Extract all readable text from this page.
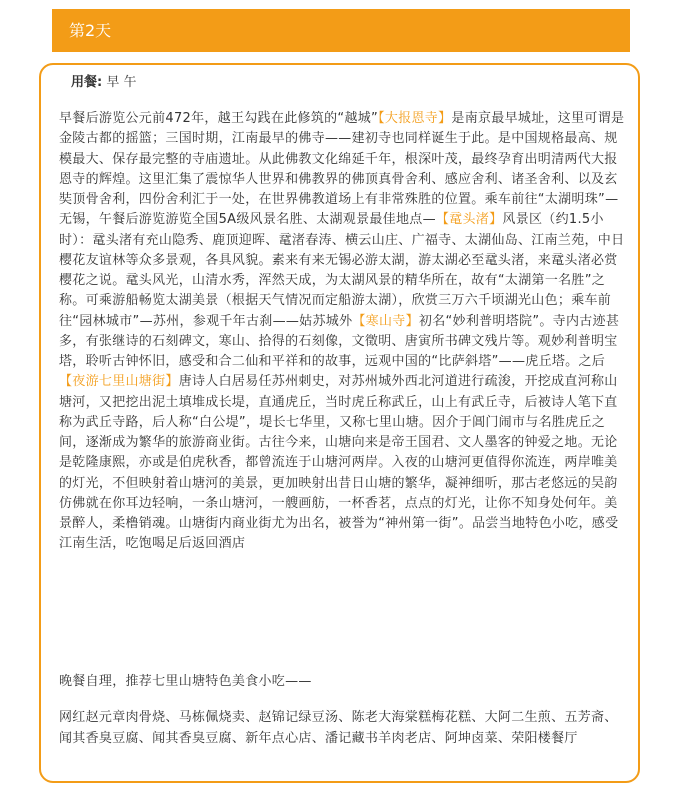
第2天
用餐: 早 午

早餐后游览公元前472年，越王勾践在此修筑的“越城”【大报恩寺】是南京最早城址，这里可谓是金陵古都的摇篮；三国时期，江南最早的佛寺——建初寺也同样诞生于此。是中国规格最高、规模最大、保存最完整的寺庙遗址。从此佛教文化绵延千年，根深叶茂，最终孕育出明清两代大报恩寺的辉煌。这里汇集了震惊华人世界和佛教界的佛顶真骨舍利、感应舍利、诸圣舍利、以及玄奘顶骨舍利，四份舍利汇于一处，在世界佛教道场上有非常殊胜的位置。乘车前往“太湖明珠”—无锡，午餐后游览游览全国5A级风景名胜、太湖观景最佳地点—【鼋头渚】风景区（约1.5小时）：鼋头渚有充山隐秀、鹿顶迎晖、鼋渚春涛、横云山庄、广福寺、太湖仙岛、江南兰苑，中日樱花友谊林等众多景观，各具风貌。素来有来无锡必游太湖，游太湖必至鼋头渚，来鼋头渚必赏樱花之说。鼋头风光，山清水秀，浑然天成，为太湖风景的精华所在，故有“太湖第一名胜”之称。可乘游船畅览太湖美景（根据天气情况而定船游太湖），欣赏三万六千顷湖光山色；乘车前往“园林城市”—苏州，参观千年古刹——姑苏城外【寒山寺】初名“妙利普明塔院”。寺内古迹甚多，有张继诗的石刻碑文，寒山、拾得的石刻像，文徵明、唐寅所书碑文残片等。观妙利普明宝塔，聆听古钟怀旧，感受和合二仙和平祥和的故事，远观中国的“比萨斜塔”——虎丘塔。之后【夜游七里山塘街】唐诗人白居易任苏州刺史，对苏州城外西北河道进行疏浚，开挖成直河称山塘河，又把挖出泥土填堆成长堤，直通虎丘，当时虎丘称武丘，山上有武丘寺，后被诗人笔下直称为武丘寺路，后人称“白公堤”，堤长七华里，又称七里山塘。因介于阊门闹市与名胜虎丘之间，逐渐成为繁华的旅游商业街。古往今来，山塘向来是帝王国君、文人墨客的钟爱之地。无论是乾隆康熙，亦或是伯虎秋香，都曾流连于山塘河两岸。入夜的山塘河更值得你流连，两岸唯美的灯光，不但映射着山塘河的美景，更加映射出昔日山塘的繁华，凝神细听，那古老悠远的吴韵仿佛就在你耳边轻响，一条山塘河，一艘画舫，一杯香茗，点点的灯光，让你不知身处何年。美景醉人，柔橹销魂。山塘街内商业街尤为出名，被誉为“神州第一街”。品尝当地特色小吃，感受江南生活，吃饱喝足后返回酒店

晚餐自理，推荐七里山塘特色美食小吃——

网红赵元章肉骨烧、马栋佩烧卖、赵锦记绿豆汤、陈老大海棠糕梅花糕、大阿二生煎、五芳斋、闻其香臭豆腐、闻其香臭豆腐、新年点心店、潘记藏书羊肉老店、阿坤卤菜、荣阳楼餐厅
